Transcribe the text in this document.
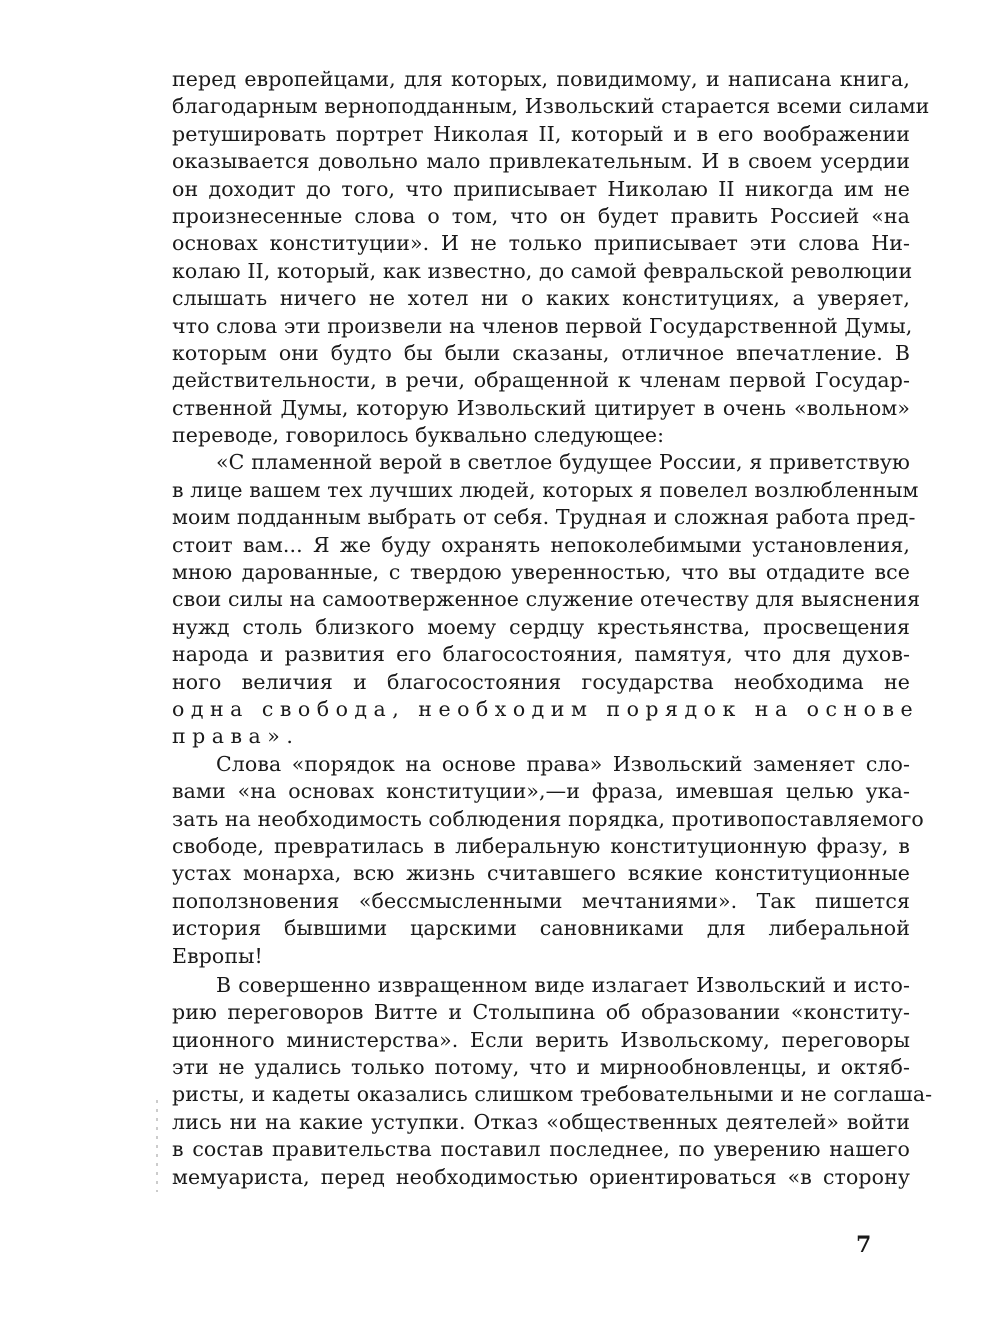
перед европейцами, для которых, повидимому, и написана книга,
благодарным верноподданным, Извольский старается всеми силами
ретушировать портрет Николая II, который и в его воображении
оказывается довольно мало привлекательным. И в своем усердии
он доходит до того, что приписывает Николаю II никогда им не
произнесенные слова о том, что он будет править Россией «на
основах конституции». И не только приписывает эти слова Ни-
колаю II, который, как известно, до самой февральской революции
слышать ничего не хотел ни о каких конституциях, а уверяет,
что слова эти произвели на членов первой Государственной Думы,
которым они будто бы были сказаны, отличное впечатление. В
действительности, в речи, обращенной к членам первой Государ-
ственной Думы, которую Извольский цитирует в очень «вольном»
переводе, говорилось буквально следующее:
«С пламенной верой в светлое будущее России, я приветствую
в лице вашем тех лучших людей, которых я повелел возлюбленным
моим подданным выбрать от себя. Трудная и сложная работа пред-
стоит вам... Я же буду охранять непоколебимыми установления,
мною дарованные, с твердою уверенностью, что вы отдадите все
свои силы на самоотверженное служение отечеству для выяснения
нужд столь близкого моему сердцу крестьянства, просвещения
народа и развития его благосостояния, памятуя, что для духов-
ного величия и благосостояния государства необходима не
одна свобода, необходим порядок на основе
права».
Слова «порядок на основе права» Извольский заменяет сло-
вами «на основах конституции»,—и фраза, имевшая целью ука-
зать на необходимость соблюдения порядка, противопоставляемого
свободе, превратилась в либеральную конституционную фразу, в
устах монарха, всю жизнь считавшего всякие конституционные
поползновения «бессмысленными мечтаниями». Так пишется
история бывшими царскими сановниками для либеральной
Европы!
В совершенно извращенном виде излагает Извольский и исто-
рию переговоров Витте и Столыпина об образовании «конститу-
ционного министерства». Если верить Извольскому, переговоры
эти не удались только потому, что и мирнообновленцы, и октяб-
ристы, и кадеты оказались слишком требовательными и не соглаша-
лись ни на какие уступки. Отказ «общественных деятелей» войти
в состав правительства поставил последнее, по уверению нашего
мемуариста, перед необходимостью ориентироваться «в сторону
7
